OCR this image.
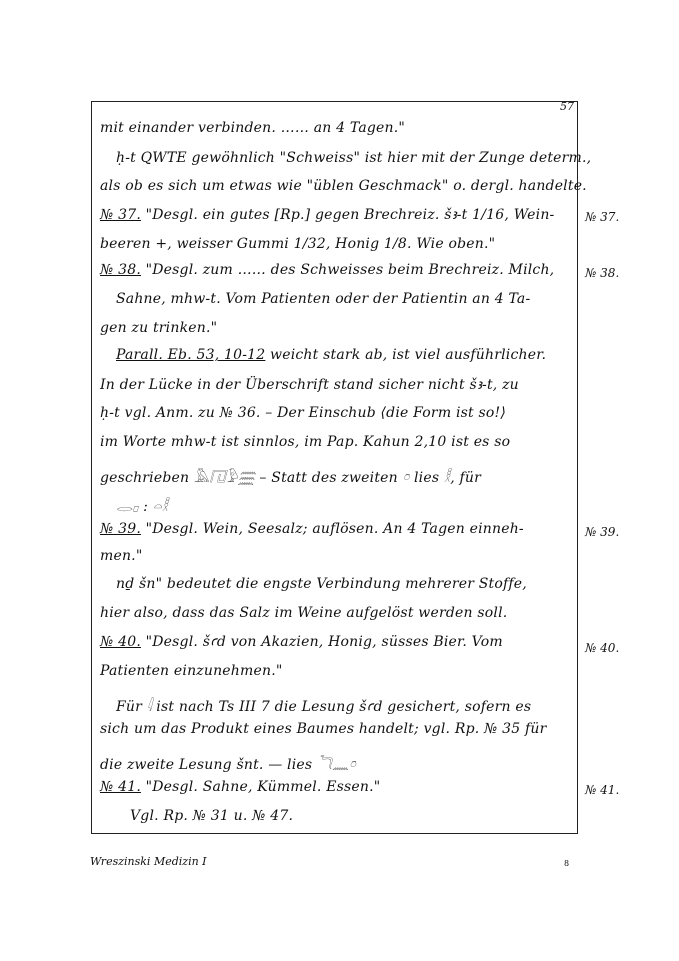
57
mit einander verbinden. …… an 4 Tagen."
ḥ-t QWTE gewöhnlich "Schweiss" ist hier mit der Zunge determ.,
als ob es sich um etwas wie "üblen Geschmack" o. dergl. handelte.
№ 37. "Desgl. ein gutes [Rp.] gegen Brechreiz. šꜣ-t 1/16, Wein-
beeren +, weisser Gummi 1/32, Honig 1/8. Wie oben."
№ 38. "Desgl. zum …… des Schweisses beim Brechreiz. Milch,
Sahne, mhw-t. Vom Patienten oder der Patientin an 4 Ta-
gen zu trinken."
Parall. Eb. 53, 10-12 weicht stark ab, ist viel ausführlicher.
In der Lücke in der Überschrift stand sicher nicht šꜣ-t, zu
ḥ-t vgl. Anm. zu № 36. – Der Einschub ⟨die Form ist so!⟩
im Worte mhw-t ist sinnlos, im Pap. Kahun 2,10 ist es so
geschrieben 𓅓𓉔𓅱𓈗 – Statt des zweiten 𓏌 lies 𓎛, für
𓂋𓊪 : 𓏏𓎛
№ 39. "Desgl. Wein, Seesalz; auflösen. An 4 Tagen einneh-
men."
nḏ šn" bedeutet die engste Verbindung mehrerer Stoffe,
hier also, dass das Salz im Weine aufgelöst werden soll.
№ 40. "Desgl. šꜥd von Akazien, Honig, süsses Bier. Vom
Patienten einzunehmen."
Für 𓇋 ist nach Ts III 7 die Lesung šꜥd gesichert, sofern es
sich um das Produkt eines Baumes handelt; vgl. Rp. № 35 für
die zweite Lesung šnt. — lies 𓆓𓈖𓏌
№ 41. "Desgl. Sahne, Kümmel. Essen."
Vgl. Rp. № 31 u. № 47.
№ 37.
№ 38.
№ 39.
№ 40.
№ 41.
Wreszinski Medizin I	8
